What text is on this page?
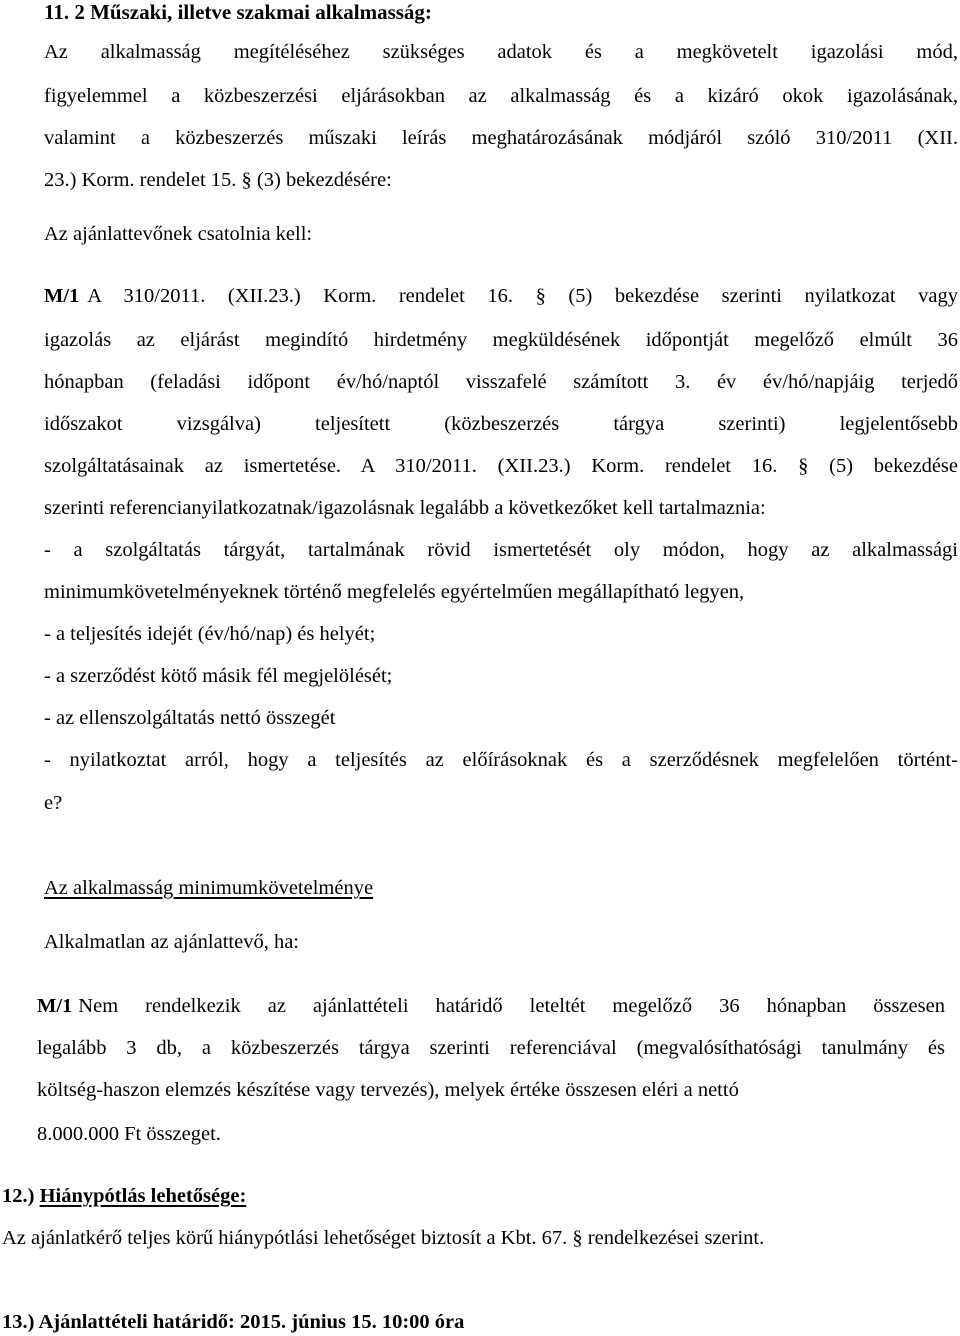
11. 2 Műszaki, illetve szakmai alkalmasság:
Az alkalmasság megítéléséhez szükséges adatok és a megkövetelt igazolási mód,
figyelemmel a közbeszerzési eljárásokban az alkalmasság és a kizáró okok igazolásának,
valamint a közbeszerzés műszaki leírás meghatározásának módjáról szóló 310/2011 (XII.
23.) Korm. rendelet 15. § (3) bekezdésére:
Az ajánlattevőnek csatolnia kell:
M/1 A 310/2011. (XII.23.) Korm. rendelet 16. § (5) bekezdése szerinti nyilatkozat vagy
igazolás az eljárást megindító hirdetmény megküldésének időpontját megelőző elmúlt 36
hónapban (feladási időpont év/hó/naptól visszafelé számított 3. év év/hó/napjáig terjedő
időszakot vizsgálva) teljesített (közbeszerzés tárgya szerinti) legjelentősebb
szolgáltatásainak az ismertetése. A 310/2011. (XII.23.) Korm. rendelet 16. § (5) bekezdése
szerinti referencianyilatkozatnak/igazolásnak legalább a következőket kell tartalmaznia:
- a szolgáltatás tárgyát, tartalmának rövid ismertetését oly módon, hogy az alkalmassági
minimumkövetelményeknek történő megfelelés egyértelműen megállapítható legyen,
- a teljesítés idejét (év/hó/nap) és helyét;
- a szerződést kötő másik fél megjelölését;
- az ellenszolgáltatás nettó összegét
- nyilatkoztat arról, hogy a teljesítés az előírásoknak és a szerződésnek megfelelően történt-
e?
Az alkalmasság minimumkövetelménye
Alkalmatlan az ajánlattevő, ha:
M/1 Nem rendelkezik az ajánlattételi határidő leteltét megelőző 36 hónapban összesen
legalább 3 db, a közbeszerzés tárgya szerinti referenciával (megvalósíthatósági tanulmány és
költség-haszon elemzés készítése vagy tervezés), melyek értéke összesen eléri a nettó
8.000.000 Ft összeget.
12.) Hiánypótlás lehetősége:
Az ajánlatkérő teljes körű hiánypótlási lehetőséget biztosít a Kbt. 67. § rendelkezései szerint.
13.) Ajánlattételi határidő: 2015. június 15. 10:00 óra
